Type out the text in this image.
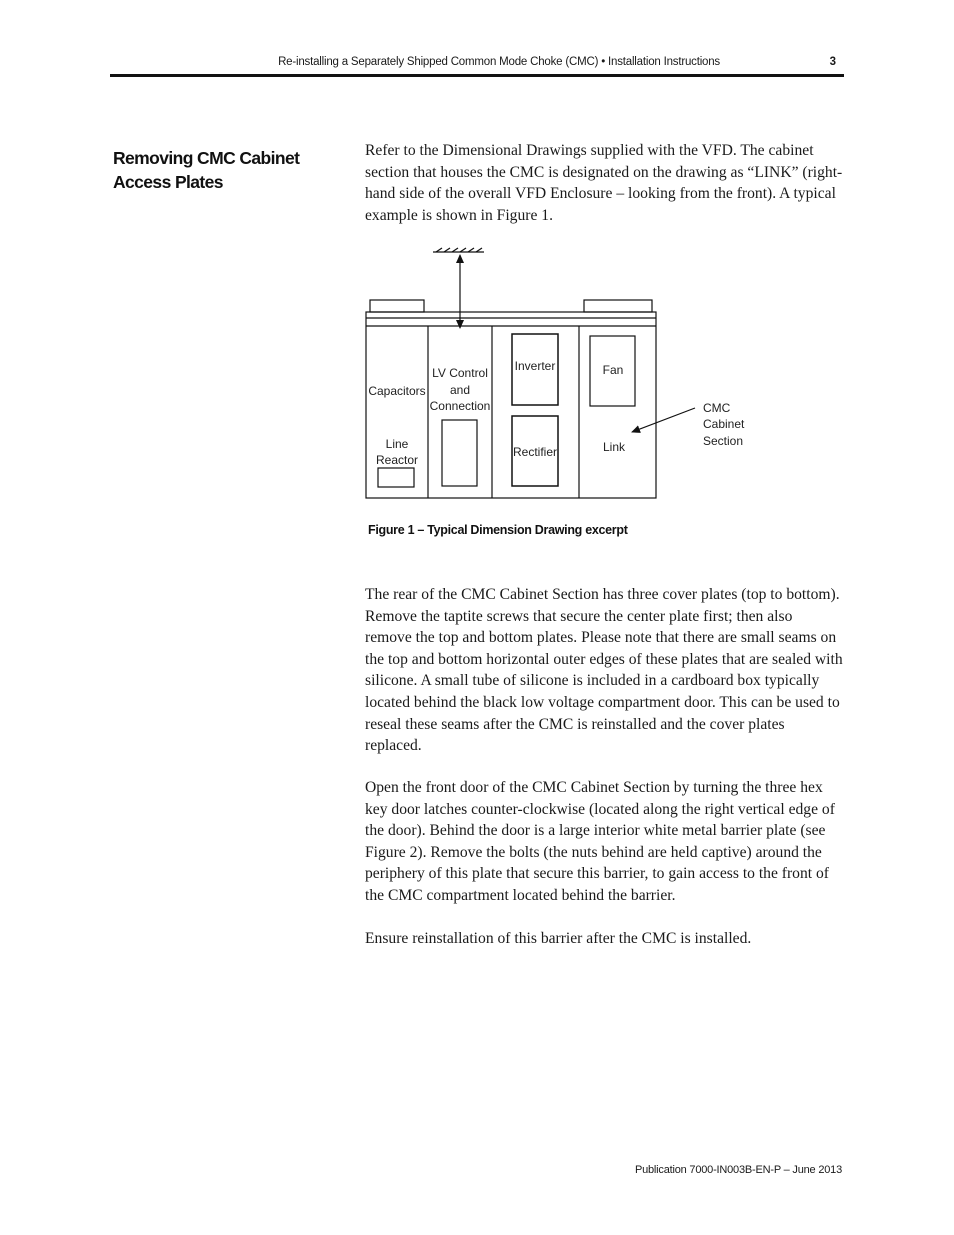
Re-installing a Separately Shipped Common Mode Choke (CMC) • Installation Instructions	3
Removing CMC Cabinet Access Plates

Refer to the Dimensional Drawings supplied with the VFD. The cabinet section that houses the CMC is designated on the drawing as “LINK” (right-hand side of the overall VFD Enclosure – looking from the front). A typical example is shown in Figure 1.

Capacitors
LV Control
and
Connection
Inverter
Rectifier
Fan
Link
Line
Reactor
CMC
Cabinet
Section
Figure 1 – Typical Dimension Drawing excerpt

The rear of the CMC Cabinet Section has three cover plates (top to bottom). Remove the taptite screws that secure the center plate first; then also remove the top and bottom plates. Please note that there are small seams on the top and bottom horizontal outer edges of these plates that are sealed with silicone. A small tube of silicone is included in a cardboard box typically located behind the black low voltage compartment door. This can be used to reseal these seams after the CMC is reinstalled and the cover plates replaced.

Open the front door of the CMC Cabinet Section by turning the three hex key door latches counter-clockwise (located along the right vertical edge of the door). Behind the door is a large interior white metal barrier plate (see Figure 2). Remove the bolts (the nuts behind are held captive) around the periphery of this plate that secure this barrier, to gain access to the front of the CMC compartment located behind the barrier.

Ensure reinstallation of this barrier after the CMC is installed.

Publication 7000-IN003B-EN-P – June 2013
